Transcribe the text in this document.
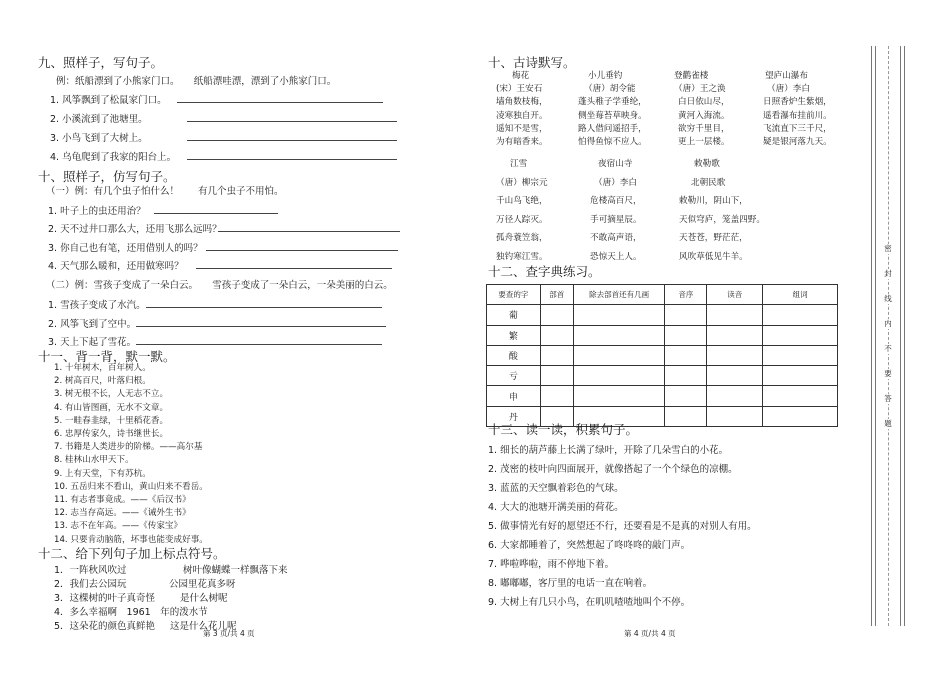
九、照样子，写句子。
例：纸船漂到了小熊家门口。　　纸船漂哇漂，漂到了小熊家门口。
1. 风筝飘到了松鼠家门口。
2. 小溪流到了池塘里。
3. 小鸟飞到了大树上。
4. 乌龟爬到了我家的阳台上。
十、照样子，仿写句子。
（一）例：有几个虫子怕什么！　　有几个虫子不用怕。
1. 叶子上的虫还用治？
2. 天不过井口那么大，还用飞那么远吗？
3. 你自己也有笔，还用借别人的吗？
4. 天气那么暖和，还用做寒吗？
（二）例：雪孩子变成了一朵白云。　　雪孩子变成了一朵白云，一朵美丽的白云。
1. 雪孩子变成了水汽。
2. 风筝飞到了空中。
3. 天上下起了雪花。
十一、背一背，默一默。
1. 十年树木，百年树人。
2. 树高百尺，叶落归根。
3. 树无根不长，人无志不立。
4. 有山皆图画，无水不文章。
5. 一畦春韭绿，十里稻花香。
6. 忠厚传家久，诗书继世长。
7. 书籍是人类进步的阶梯。——高尔基
8. 桂林山水甲天下。
9. 上有天堂，下有苏杭。
10. 五岳归来不看山，黄山归来不看岳。
11. 有志者事竟成。——《后汉书》
12. 志当存高远。——《诫外生书》
13. 志不在年高。——《传家宝》
14. 只要肯动脑筋，坏事也能变成好事。
十二、给下列句子加上标点符号。
1．一阵秋风吹过	树叶像蝴蝶一样飘落下来
2．我们去公园玩	公园里花真多呀
3．这棵树的叶子真奇怪	是什么树呢
4．多么幸福啊　1961　年的泼水节
5．这朵花的颜色真鲜艳 这是什么花儿呢
第 3 页/共 4 页
十、古诗默写。
梅花
(宋）王安石
墙角数枝梅，
凌寒独自开。
遥知不是雪，
为有暗香来。
小儿垂钓
（唐）胡令能
蓬头稚子学垂纶，
侧坐莓苔草映身。
路人借问遥招手，
怕得鱼惊不应人。
登鹳雀楼
（唐）王之涣
白日依山尽，
黄河入海流。
欲穷千里目，
更上一层楼。
望庐山瀑布
（唐）李白
日照香炉生紫烟，
遥看瀑布挂前川。
飞流直下三千尺，
疑是银河落九天。
江雪
（唐）柳宗元
千山鸟飞绝，
万径人踪灭。
孤舟蓑笠翁，
独钓寒江雪。
夜宿山寺
（唐）李白
危楼高百尺，
手可摘星辰。
不敢高声语，
恐惊天上人。
敕勒歌
北朝民歌
敕勒川，阴山下，
天似穹庐，笼盖四野。
天苍苍，野茫茫，
风吹草低见牛羊。
十二、查字典练习。
要查的字	部首	除去部首还有几画	音序	读音	组词
葡					
繁					
酸					
亏					
申					
丹					
十三、读一读，积累句子。
1. 细长的葫芦藤上长满了绿叶，开除了几朵雪白的小花。
2. 茂密的枝叶向四面展开，就像搭起了一个个绿色的凉棚。
3. 蓝蓝的天空飘着彩色的气球。
4. 大大的池塘开满美丽的荷花。
5. 做事情光有好的愿望还不行，还要看是不是真的对别人有用。
6. 大家都睡着了，突然想起了咚咚咚的敲门声。
7. 哗啦哗啦，雨不停地下着。
8. 嘟嘟嘟，客厅里的电话一直在响着。
9. 大树上有几只小鸟，在叽叽喳喳地叫个不停。
第 4 页/共 4 页
密
封
线
内
不
要
答
题
